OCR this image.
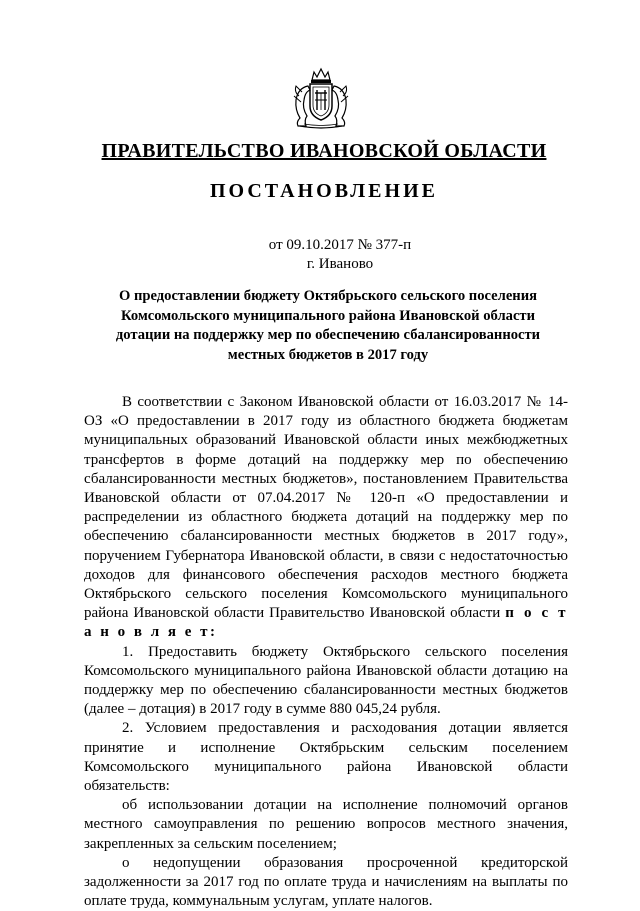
ПРАВИТЕЛЬСТВО ИВАНОВСКОЙ ОБЛАСТИ
ПОСТАНОВЛЕНИЕ
от 09.10.2017 № 377-п
г. Иваново
О предоставлении бюджету Октябрьского сельского поселения Комсомольского муниципального района Ивановской области дотации на поддержку мер по обеспечению сбалансированности местных бюджетов в 2017 году

В соответствии с Законом Ивановской области от 16.03.2017 № 14-ОЗ «О предоставлении в 2017 году из областного бюджета бюджетам муниципальных образований Ивановской области иных межбюджетных трансфертов в форме дотаций на поддержку мер по обеспечению сбалансированности местных бюджетов», постановлением Правительства Ивановской области от 07.04.2017 № 120-п «О предоставлении и распределении из областного бюджета дотаций на поддержку мер по обеспечению сбалансированности местных бюджетов в 2017 году», поручением Губернатора Ивановской области, в связи с недостаточностью доходов для финансового обеспечения расходов местного бюджета Октябрьского сельского поселения Комсомольского муниципального района Ивановской области Правительство Ивановской области п о с т а н о в л я е т:

1. Предоставить бюджету Октябрьского сельского поселения Комсомольского муниципального района Ивановской области дотацию на поддержку мер по обеспечению сбалансированности местных бюджетов (далее – дотация) в 2017 году в сумме 880 045,24 рубля.

2. Условием предоставления и расходования дотации является принятие и исполнение Октябрьским сельским поселением Комсомольского муниципального района Ивановской области обязательств:

об использовании дотации на исполнение полномочий органов местного самоуправления по решению вопросов местного значения, закрепленных за сельским поселением;

о недопущении образования просроченной кредиторской задолженности за 2017 год по оплате труда и начислениям на выплаты по оплате труда, коммунальным услугам, уплате налогов.
